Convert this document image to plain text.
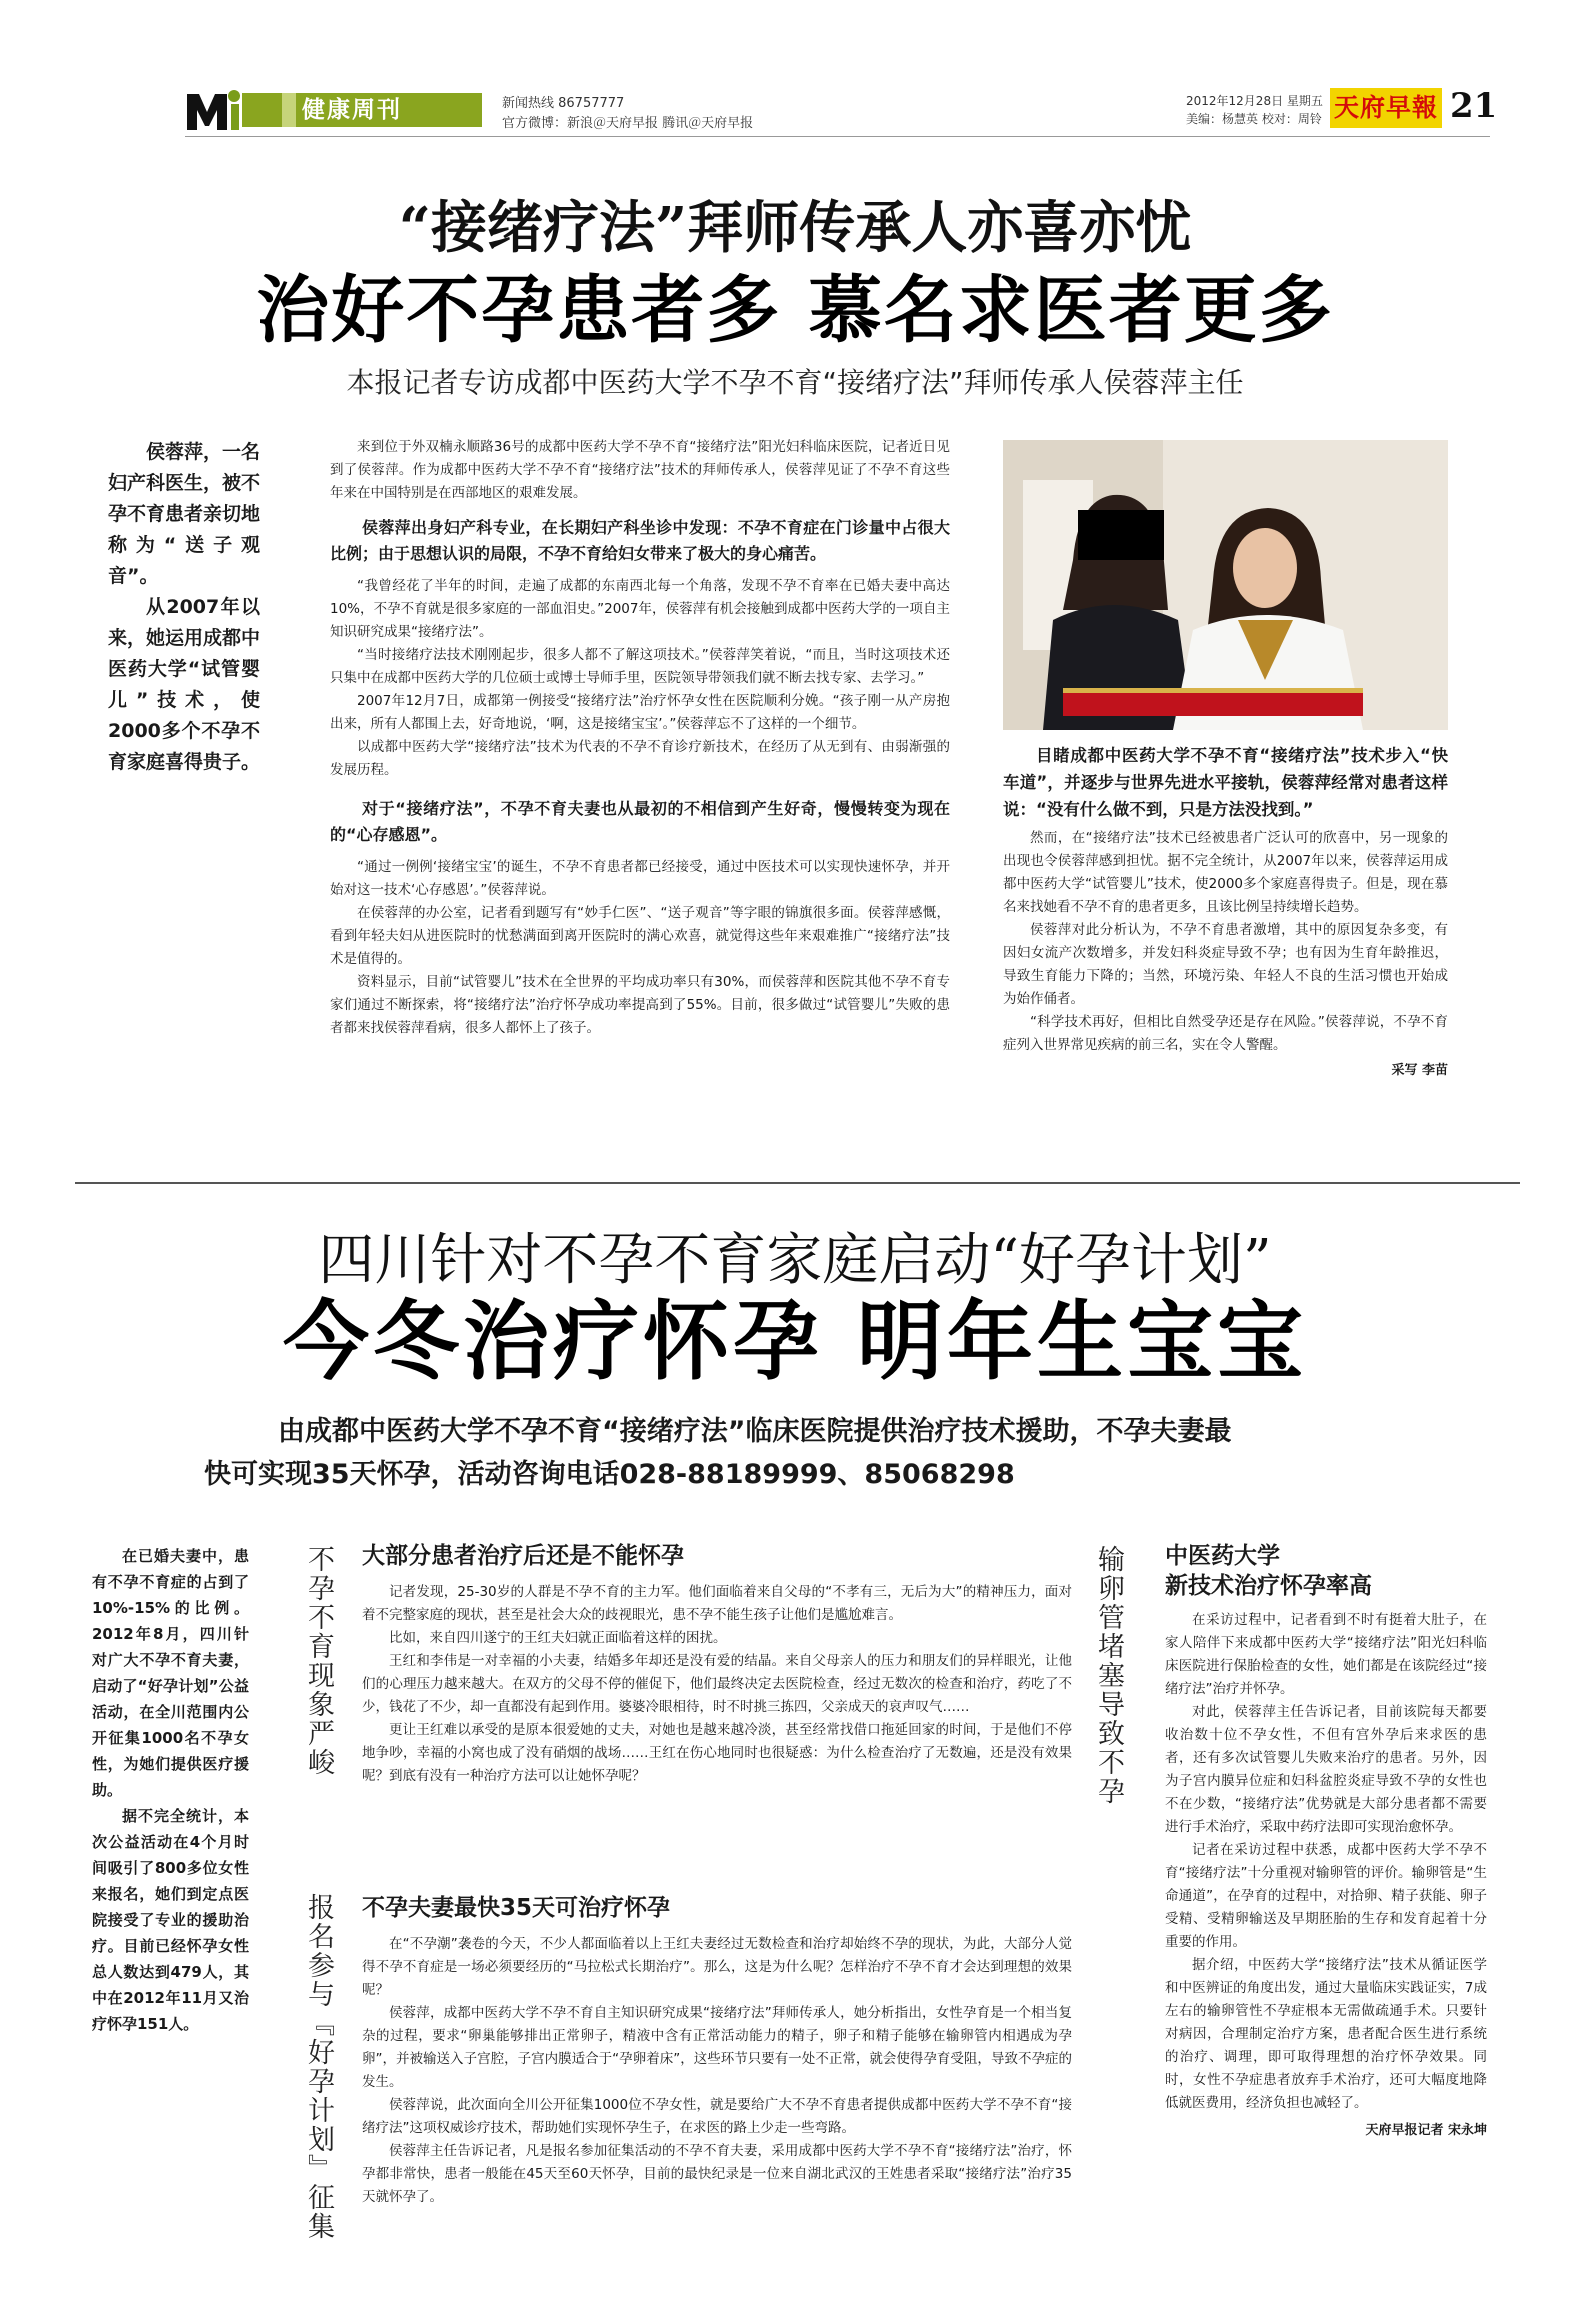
健康周刊	新闻热线 86757777
官方微博：新浪＠天府早报 腾讯＠天府早报
2012年12月28日 星期五
美编：杨慧英 校对：周铃 天府早報 21
“接绪疗法”拜师传承人亦喜亦忧
治好不孕患者多 慕名求医者更多
本报记者专访成都中医药大学不孕不育“接绪疗法”拜师传承人侯蓉萍主任

侯蓉萍，一名妇产科医生，被不孕不育患者亲切地称为“送子观音”。

从2007年以来，她运用成都中医药大学“试管婴儿”技术，使2000多个不孕不育家庭喜得贵子。

来到位于外双楠永顺路36号的成都中医药大学不孕不育“接绪疗法”阳光妇科临床医院，记者近日见到了侯蓉萍。作为成都中医药大学不孕不育“接绪疗法”技术的拜师传承人，侯蓉萍见证了不孕不育这些年来在中国特别是在西部地区的艰难发展。

侯蓉萍出身妇产科专业，在长期妇产科坐诊中发现：不孕不育症在门诊量中占很大比例；由于思想认识的局限，不孕不育给妇女带来了极大的身心痛苦。

“我曾经花了半年的时间，走遍了成都的东南西北每一个角落，发现不孕不育率在已婚夫妻中高达10%，不孕不育就是很多家庭的一部血泪史。”2007年，侯蓉萍有机会接触到成都中医药大学的一项自主知识研究成果“接绪疗法”。

“当时接绪疗法技术刚刚起步，很多人都不了解这项技术。”侯蓉萍笑着说，“而且，当时这项技术还只集中在成都中医药大学的几位硕士或博士导师手里，医院领导带领我们就不断去找专家、去学习。”

2007年12月7日，成都第一例接受“接绪疗法”治疗怀孕女性在医院顺利分娩。“孩子刚一从产房抱出来，所有人都围上去，好奇地说，‘啊，这是接绪宝宝’。”侯蓉萍忘不了这样的一个细节。

以成都中医药大学“接绪疗法”技术为代表的不孕不育诊疗新技术，在经历了从无到有、由弱渐强的发展历程。

对于“接绪疗法”，不孕不育夫妻也从最初的不相信到产生好奇，慢慢转变为现在的“心存感恩”。

“通过一例例‘接绪宝宝’的诞生，不孕不育患者都已经接受，通过中医技术可以实现快速怀孕，并开始对这一技术‘心存感恩’。”侯蓉萍说。

在侯蓉萍的办公室，记者看到题写有“妙手仁医”、“送子观音”等字眼的锦旗很多面。侯蓉萍感慨，看到年轻夫妇从进医院时的忧愁满面到离开医院时的满心欢喜，就觉得这些年来艰难推广“接绪疗法”技术是值得的。

资料显示，目前“试管婴儿”技术在全世界的平均成功率只有30%，而侯蓉萍和医院其他不孕不育专家们通过不断探索，将“接绪疗法”治疗怀孕成功率提高到了55%。目前，很多做过“试管婴儿”失败的患者都来找侯蓉萍看病，很多人都怀上了孩子。

目睹成都中医药大学不孕不育“接绪疗法”技术步入“快车道”，并逐步与世界先进水平接轨，侯蓉萍经常对患者这样说：“没有什么做不到，只是方法没找到。”

然而，在“接绪疗法”技术已经被患者广泛认可的欣喜中，另一现象的出现也令侯蓉萍感到担忧。据不完全统计，从2007年以来，侯蓉萍运用成都中医药大学“试管婴儿”技术，使2000多个家庭喜得贵子。但是，现在慕名来找她看不孕不育的患者更多，且该比例呈持续增长趋势。

侯蓉萍对此分析认为，不孕不育患者激增，其中的原因复杂多变，有因妇女流产次数增多，并发妇科炎症导致不孕；也有因为生育年龄推迟，导致生育能力下降的；当然，环境污染、年轻人不良的生活习惯也开始成为始作俑者。

“科学技术再好，但相比自然受孕还是存在风险。”侯蓉萍说，不孕不育症列入世界常见疾病的前三名，实在令人警醒。

采写 李苗
四川针对不孕不育家庭启动“好孕计划”
今冬治疗怀孕 明年生宝宝
由成都中医药大学不孕不育“接绪疗法”临床医院提供治疗技术援助，不孕夫妻最
快可实现35天怀孕，活动咨询电话028-88189999、85068298

在已婚夫妻中，患有不孕不育症的占到了10%-15%的比例。2012年8月，四川针对广大不孕不育夫妻，启动了“好孕计划”公益活动，在全川范围内公开征集1000名不孕女性，为她们提供医疗援助。

据不完全统计，本次公益活动在4个月时间吸引了800多位女性来报名，她们到定点医院接受了专业的援助治疗。目前已经怀孕女性总人数达到479人，其中在2012年11月又治疗怀孕151人。

不孕不育现象严峻
报名参与『好孕计划』征集
大部分患者治疗后还是不能怀孕

记者发现，25-30岁的人群是不孕不育的主力军。他们面临着来自父母的“不孝有三，无后为大”的精神压力，面对着不完整家庭的现状，甚至是社会大众的歧视眼光，患不孕不能生孩子让他们是尴尬难言。

比如，来自四川遂宁的王红夫妇就正面临着这样的困扰。

王红和李伟是一对幸福的小夫妻，结婚多年却还是没有爱的结晶。来自父母亲人的压力和朋友们的异样眼光，让他们的心理压力越来越大。在双方的父母不停的催促下，他们最终决定去医院检查，经过无数次的检查和治疗，药吃了不少，钱花了不少，却一直都没有起到作用。婆婆冷眼相待，时不时挑三拣四，父亲成天的哀声叹气……

更让王红难以承受的是原本很爱她的丈夫，对她也是越来越冷淡，甚至经常找借口拖延回家的时间，于是他们不停地争吵，幸福的小窝也成了没有硝烟的战场……王红在伤心地同时也很疑惑：为什么检查治疗了无数遍，还是没有效果呢？到底有没有一种治疗方法可以让她怀孕呢？

不孕夫妻最快35天可治疗怀孕

在“不孕潮”袭卷的今天，不少人都面临着以上王红夫妻经过无数检查和治疗却始终不孕的现状，为此，大部分人觉得不孕不育症是一场必须要经历的“马拉松式长期治疗”。那么，这是为什么呢？怎样治疗不孕不育才会达到理想的效果呢？

侯蓉萍，成都中医药大学不孕不育自主知识研究成果“接绪疗法”拜师传承人，她分析指出，女性孕育是一个相当复杂的过程，要求“卵巢能够排出正常卵子，精液中含有正常活动能力的精子，卵子和精子能够在输卵管内相遇成为孕卵”，并被输送入子宫腔，子宫内膜适合于“孕卵着床”，这些环节只要有一处不正常，就会使得孕育受阻，导致不孕症的发生。

侯蓉萍说，此次面向全川公开征集1000位不孕女性，就是要给广大不孕不育患者提供成都中医药大学不孕不育“接绪疗法”这项权威诊疗技术，帮助她们实现怀孕生子，在求医的路上少走一些弯路。

侯蓉萍主任告诉记者，凡是报名参加征集活动的不孕不育夫妻，采用成都中医药大学不孕不育“接绪疗法”治疗，怀孕都非常快，患者一般能在45天至60天怀孕，目前的最快纪录是一位来自湖北武汉的王姓患者采取“接绪疗法”治疗35天就怀孕了。

输卵管堵塞导致不孕 中医药大学
新技术治疗怀孕率高

在采访过程中，记者看到不时有挺着大肚子，在家人陪伴下来成都中医药大学“接绪疗法”阳光妇科临床医院进行保胎检查的女性，她们都是在该院经过“接绪疗法”治疗并怀孕。

对此，侯蓉萍主任告诉记者，目前该院每天都要收治数十位不孕女性，不但有宫外孕后来求医的患者，还有多次试管婴儿失败来治疗的患者。另外，因为子宫内膜异位症和妇科盆腔炎症导致不孕的女性也不在少数，“接绪疗法”优势就是大部分患者都不需要进行手术治疗，采取中药疗法即可实现治愈怀孕。

记者在采访过程中获悉，成都中医药大学不孕不育“接绪疗法”十分重视对输卵管的评价。输卵管是“生命通道”，在孕育的过程中，对拾卵、精子获能、卵子受精、受精卵输送及早期胚胎的生存和发育起着十分重要的作用。

据介绍，中医药大学“接绪疗法”技术从循证医学和中医辨证的角度出发，通过大量临床实践证实，7成左右的输卵管性不孕症根本无需做疏通手术。只要针对病因，合理制定治疗方案，患者配合医生进行系统的治疗、调理，即可取得理想的治疗怀孕效果。同时，女性不孕症患者放弃手术治疗，还可大幅度地降低就医费用，经济负担也减轻了。

天府早报记者 宋永坤
